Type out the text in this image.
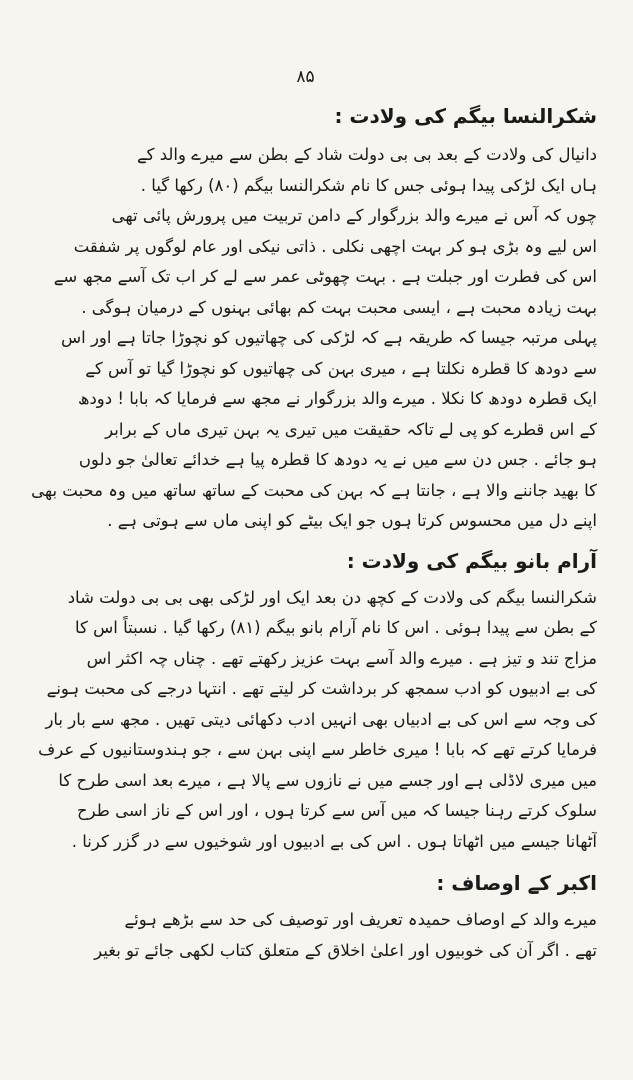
۸۵
شکرالنسا بیگم کی ولادت :
دانیال کی ولادت کے بعد بی بی دولت شاد کے بطن سے میرے والد کے
ہاں ایک لڑکی پیدا ہوئی جس کا نام شکرالنسا بیگم (۸۰) رکھا گیا .
چوں کہ آس نے میرے والد بزرگوار کے دامن تربیت میں پرورش پائی تھی
اس لیے وہ بڑی ہو کر بہت اچھی نکلی . ذاتی نیکی اور عام لوگوں پر شفقت
اس کی فطرت اور جبلت ہے . بہت چھوٹی عمر سے لے کر اب تک آسے مجھ سے
بہت زیادہ محبت ہے ، ایسی محبت بہت کم بھائی بہنوں کے درمیان ہوگی .
پہلی مرتبہ جیسا کہ طریقہ ہے کہ لڑکی کی چھاتیوں کو نچوڑا جاتا ہے اور اس
سے دودھ کا قطرہ نکلتا ہے ، میری بہن کی چھاتیوں کو نچوڑا گیا تو آس کے
ایک قطرہ دودھ کا نکلا . میرے والد بزرگوار نے مجھ سے فرمایا کہ بابا ! دودھ
کے اس قطرے کو پی لے تاکہ حقیقت میں تیری یہ بہن تیری ماں کے برابر
ہو جائے . جس دن سے میں نے یہ دودھ کا قطرہ پیا ہے خدائے تعالیٰ جو دلوں
کا بھید جاننے والا ہے ، جانتا ہے کہ بہن کی محبت کے ساتھ ساتھ میں وہ محبت بھی
اپنے دل میں محسوس کرتا ہوں جو ایک بیٹے کو اپنی ماں سے ہوتی ہے .
آرام بانو بیگم کی ولادت :
شکرالنسا بیگم کی ولادت کے کچھ دن بعد ایک اور لڑکی بھی بی بی دولت شاد
کے بطن سے پیدا ہوئی . اس کا نام آرام بانو بیگم (۸۱) رکھا گیا . نسبتاً اس کا
مزاج تند و تیز ہے . میرے والد آسے بہت عزیز رکھتے تھے . چناں چہ اکثر اس
کی بے ادبیوں کو ادب سمجھ کر برداشت کر لیتے تھے . انتہا درجے کی محبت ہونے
کی وجہ سے اس کی بے ادبیاں بھی انہیں ادب دکھائی دیتی تھیں . مجھ سے بار بار
فرمایا کرتے تھے کہ بابا ! میری خاطر سے اپنی بہن سے ، جو ہندوستانیوں کے عرف
میں میری لاڈلی ہے اور جسے میں نے نازوں سے پالا ہے ، میرے بعد اسی طرح کا
سلوک کرتے رہنا جیسا کہ میں آس سے کرتا ہوں ، اور اس کے ناز اسی طرح
آٹھانا جیسے میں اٹھاتا ہوں . اس کی بے ادبیوں اور شوخیوں سے در گزر کرنا .
اکبر کے اوصاف :
میرے والد کے اوصاف حمیدہ تعریف اور توصیف کی حد سے بڑھے ہوئے
تھے . اگر آن کی خوبیوں اور اعلیٰ اخلاق کے متعلق کتاب لکھی جائے تو بغیر
